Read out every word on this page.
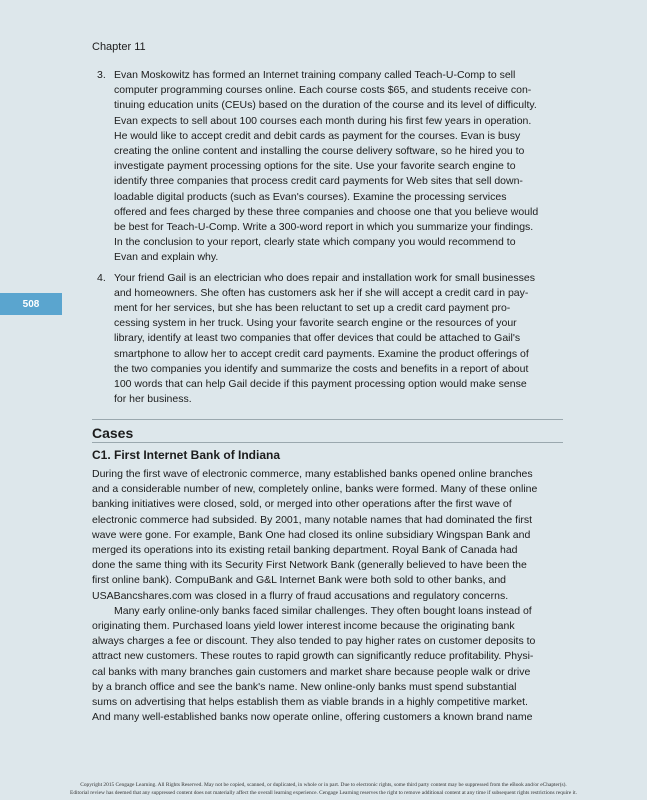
Chapter 11
508
3. Evan Moskowitz has formed an Internet training company called Teach-U-Comp to sell
computer programming courses online. Each course costs $65, and students receive con-
tinuing education units (CEUs) based on the duration of the course and its level of difficulty.
Evan expects to sell about 100 courses each month during his first few years in operation.
He would like to accept credit and debit cards as payment for the courses. Evan is busy
creating the online content and installing the course delivery software, so he hired you to
investigate payment processing options for the site. Use your favorite search engine to
identify three companies that process credit card payments for Web sites that sell down-
loadable digital products (such as Evan's courses). Examine the processing services
offered and fees charged by these three companies and choose one that you believe would
be best for Teach-U-Comp. Write a 300-word report in which you summarize your findings.
In the conclusion to your report, clearly state which company you would recommend to
Evan and explain why.
4. Your friend Gail is an electrician who does repair and installation work for small businesses
and homeowners. She often has customers ask her if she will accept a credit card in pay-
ment for her services, but she has been reluctant to set up a credit card payment pro-
cessing system in her truck. Using your favorite search engine or the resources of your
library, identify at least two companies that offer devices that could be attached to Gail's
smartphone to allow her to accept credit card payments. Examine the product offerings of
the two companies you identify and summarize the costs and benefits in a report of about
100 words that can help Gail decide if this payment processing option would make sense
for her business.
Cases
C1. First Internet Bank of Indiana

During the first wave of electronic commerce, many established banks opened online branches
and a considerable number of new, completely online, banks were formed. Many of these online
banking initiatives were closed, sold, or merged into other operations after the first wave of
electronic commerce had subsided. By 2001, many notable names that had dominated the first
wave were gone. For example, Bank One had closed its online subsidiary Wingspan Bank and
merged its operations into its existing retail banking department. Royal Bank of Canada had
done the same thing with its Security First Network Bank (generally believed to have been the
first online bank). CompuBank and G&L Internet Bank were both sold to other banks, and
USABancshares.com was closed in a flurry of fraud accusations and regulatory concerns.

Many early online-only banks faced similar challenges. They often bought loans instead of
originating them. Purchased loans yield lower interest income because the originating bank
always charges a fee or discount. They also tended to pay higher rates on customer deposits to
attract new customers. These routes to rapid growth can significantly reduce profitability. Physi-
cal banks with many branches gain customers and market share because people walk or drive
by a branch office and see the bank's name. New online-only banks must spend substantial
sums on advertising that helps establish them as viable brands in a highly competitive market.
And many well-established banks now operate online, offering customers a known brand name

Copyright 2015 Cengage Learning. All Rights Reserved. May not be copied, scanned, or duplicated, in whole or in part. Due to electronic rights, some third party content may be suppressed from the eBook and/or eChapter(s).
Editorial review has deemed that any suppressed content does not materially affect the overall learning experience. Cengage Learning reserves the right to remove additional content at any time if subsequent rights restrictions require it.
